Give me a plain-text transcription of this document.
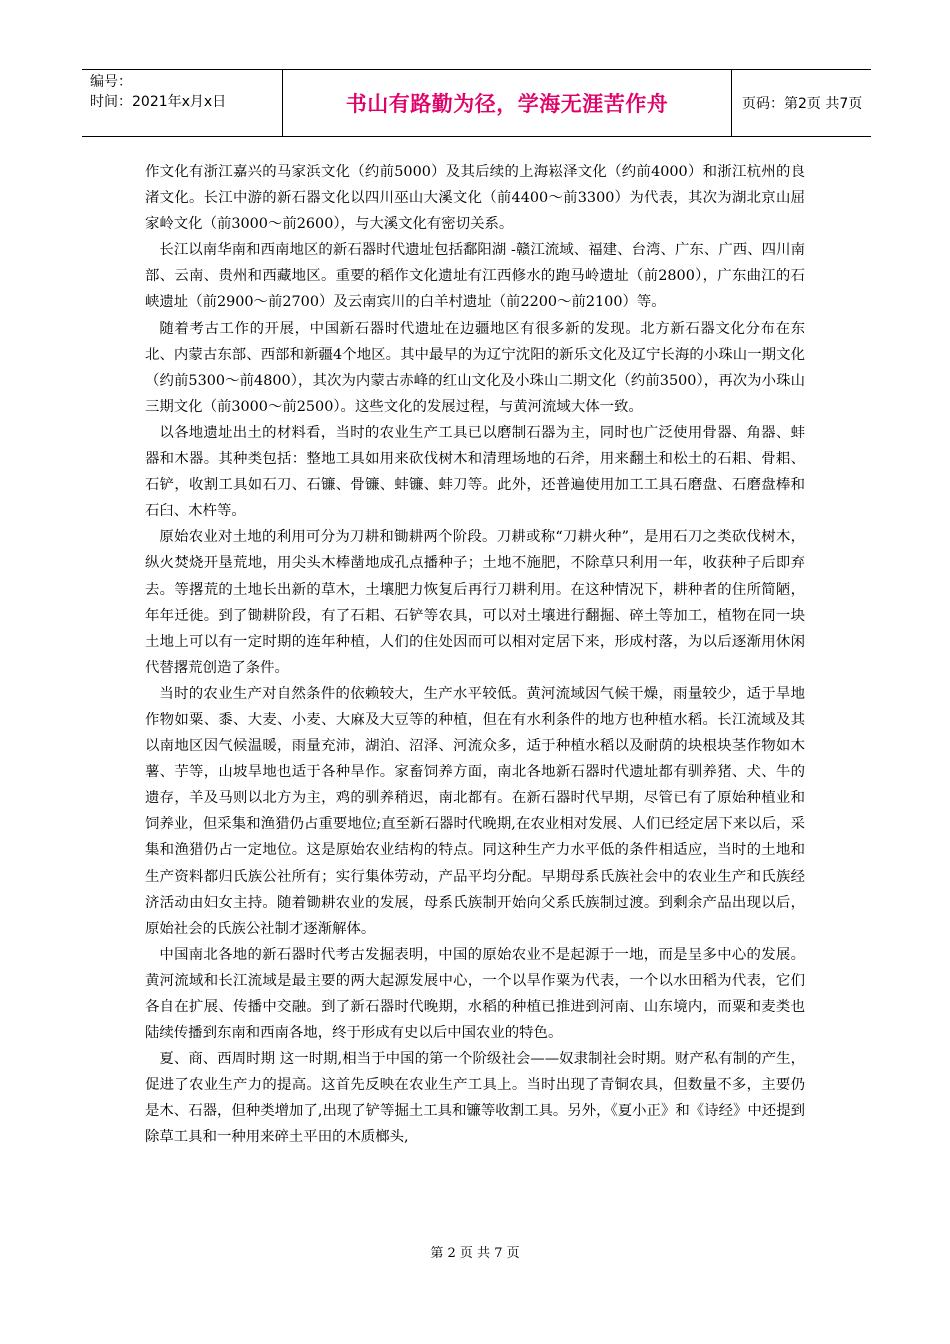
编号：
时间：2021年x月x日	书山有路勤为径，学海无涯苦作舟	页码：第2页 共7页

作文化有浙江嘉兴的马家浜文化（约前5000）及其后续的上海崧泽文化（约前4000）和浙江杭州的良渚文化。长江中游的新石器文化以四川巫山大溪文化（前4400～前3300）为代表，其次为湖北京山屈家岭文化（前3000～前2600），与大溪文化有密切关系。

长江以南华南和西南地区的新石器时代遗址包括鄱阳湖 -赣江流域、福建、台湾、广东、广西、四川南部、云南、贵州和西藏地区。重要的稻作文化遗址有江西修水的跑马岭遗址（前2800），广东曲江的石峡遗址（前2900～前2700）及云南宾川的白羊村遗址（前2200～前2100）等。

随着考古工作的开展，中国新石器时代遗址在边疆地区有很多新的发现。北方新石器文化分布在东北、内蒙古东部、西部和新疆4个地区。其中最早的为辽宁沈阳的新乐文化及辽宁长海的小珠山一期文化（约前5300～前4800），其次为内蒙古赤峰的红山文化及小珠山二期文化（约前3500），再次为小珠山三期文化（前3000～前2500）。这些文化的发展过程，与黄河流域大体一致。

以各地遗址出土的材料看，当时的农业生产工具已以磨制石器为主，同时也广泛使用骨器、角器、蚌器和木器。其种类包括：整地工具如用来砍伐树木和清理场地的石斧，用来翻土和松土的石耜、骨耜、石铲，收割工具如石刀、石镰、骨镰、蚌镰、蚌刀等。此外，还普遍使用加工工具石磨盘、石磨盘棒和石臼、木杵等。

原始农业对土地的利用可分为刀耕和锄耕两个阶段。刀耕或称“刀耕火种”，是用石刀之类砍伐树木，纵火焚烧开垦荒地，用尖头木棒凿地成孔点播种子；土地不施肥，不除草只利用一年，收获种子后即弃去。等撂荒的土地长出新的草木，土壤肥力恢复后再行刀耕利用。在这种情况下，耕种者的住所简陋，年年迁徙。到了锄耕阶段，有了石耜、石铲等农具，可以对土壤进行翻掘、碎土等加工，植物在同一块土地上可以有一定时期的连年种植，人们的住处因而可以相对定居下来，形成村落，为以后逐渐用休闲代替撂荒创造了条件。

当时的农业生产对自然条件的依赖较大，生产水平较低。黄河流域因气候干燥，雨量较少，适于旱地作物如粟、黍、大麦、小麦、大麻及大豆等的种植，但在有水利条件的地方也种植水稻。长江流域及其以南地区因气候温暖，雨量充沛，湖泊、沼泽、河流众多，适于种植水稻以及耐荫的块根块茎作物如木薯、芋等，山坡旱地也适于各种旱作。家畜饲养方面，南北各地新石器时代遗址都有驯养猪、犬、牛的遗存，羊及马则以北方为主，鸡的驯养稍迟，南北都有。在新石器时代早期，尽管已有了原始种植业和饲养业，但采集和渔猎仍占重要地位;直至新石器时代晚期,在农业相对发展、人们已经定居下来以后，采集和渔猎仍占一定地位。这是原始农业结构的特点。同这种生产力水平低的条件相适应，当时的土地和生产资料都归氏族公社所有；实行集体劳动，产品平均分配。早期母系氏族社会中的农业生产和氏族经济活动由妇女主持。随着锄耕农业的发展，母系氏族制开始向父系氏族制过渡。到剩余产品出现以后，原始社会的氏族公社制才逐渐解体。

中国南北各地的新石器时代考古发掘表明，中国的原始农业不是起源于一地，而是呈多中心的发展。黄河流域和长江流域是最主要的两大起源发展中心，一个以旱作粟为代表，一个以水田稻为代表，它们各自在扩展、传播中交融。到了新石器时代晚期，水稻的种植已推进到河南、山东境内，而粟和麦类也陆续传播到东南和西南各地，终于形成有史以后中国农业的特色。

夏、商、西周时期 这一时期,相当于中国的第一个阶级社会——奴隶制社会时期。财产私有制的产生，促进了农业生产力的提高。这首先反映在农业生产工具上。当时出现了青铜农具，但数量不多，主要仍是木、石器，但种类增加了,出现了铲等掘土工具和镰等收割工具。另外，《夏小正》和《诗经》中还提到除草工具和一种用来碎土平田的木质榔头,

第 2 页 共 7 页
